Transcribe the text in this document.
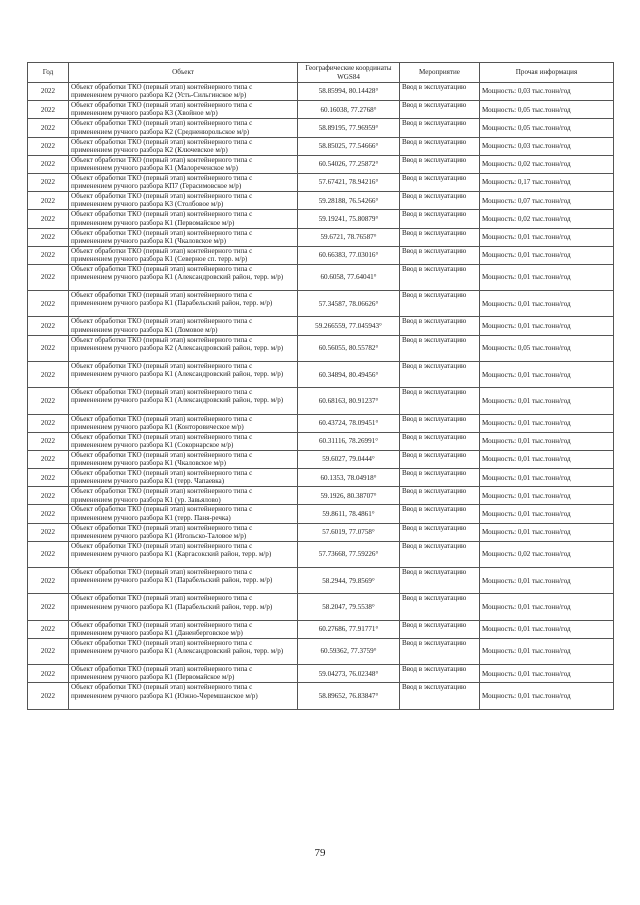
Год	Объект	Географические координаты WGS84	Мероприятие	Прочая информация
2022	Объект обработки ТКО (первый этап) контейнерного типа с применением ручного разбора К2 (Усть-Сильгинское м/р)	58.85994, 80.14428°	Ввод в эксплуатацию	Мощность: 0,03 тыс.тонн/год
2022	Объект обработки ТКО (первый этап) контейнерного типа с применением ручного разбора К3 (Хвойное м/р)	60.16038, 77.2768°	Ввод в эксплуатацию	Мощность: 0,05 тыс.тонн/год
2022	Объект обработки ТКО (первый этап) контейнерного типа с применением ручного разбора К2 (Средненюрольское м/р)	58.89195, 77.96959°	Ввод в эксплуатацию	Мощность: 0,05 тыс.тонн/год
2022	Объект обработки ТКО (первый этап) контейнерного типа с применением ручного разбора К2 (Ключевское м/р)	58.85025, 77.54666°	Ввод в эксплуатацию	Мощность: 0,03 тыс.тонн/год
2022	Объект обработки ТКО (первый этап) контейнерного типа с применением ручного разбора К1 (Малореченское м/р)	60.54026, 77.25872°	Ввод в эксплуатацию	Мощность: 0,02 тыс.тонн/год
2022	Объект обработки ТКО (первый этап) контейнерного типа с применением ручного разбора КП7 (Герасимовское м/р)	57.67421, 78.94216°	Ввод в эксплуатацию	Мощность: 0,17 тыс.тонн/год
2022	Объект обработки ТКО (первый этап) контейнерного типа с применением ручного разбора К3 (Столбовое м/р)	59.28188, 76.54266°	Ввод в эксплуатацию	Мощность: 0,07 тыс.тонн/год
2022	Объект обработки ТКО (первый этап) контейнерного типа с применением ручного разбора К1 (Первомайское м/р)	59.19241, 75.80879°	Ввод в эксплуатацию	Мощность: 0,02 тыс.тонн/год
2022	Объект обработки ТКО (первый этап) контейнерного типа с применением ручного разбора К1 (Чкаловское м/р)	59.6721, 78.76587°	Ввод в эксплуатацию	Мощность: 0,01 тыс.тонн/год
2022	Объект обработки ТКО (первый этап) контейнерного типа с применением ручного разбора К1 (Северное сп. терр. м/р)	60.66383, 77.03016°	Ввод в эксплуатацию	Мощность: 0,01 тыс.тонн/год
2022	Объект обработки ТКО (первый этап) контейнерного типа с применением ручного разбора К1 (Александровский район, терр. м/р)	60.6058, 77.64041°	Ввод в эксплуатацию	Мощность: 0,01 тыс.тонн/год
2022	Объект обработки ТКО (первый этап) контейнерного типа с применением ручного разбора К1 (Парабельский район, терр. м/р)	57.34587, 78.06626°	Ввод в эксплуатацию	Мощность: 0,01 тыс.тонн/год
2022	Объект обработки ТКО (первый этап) контейнерного типа с применением ручного разбора К1 (Ломовое м/р)	59.266559, 77.045943°	Ввод в эксплуатацию	Мощность: 0,01 тыс.тонн/год
2022	Объект обработки ТКО (первый этап) контейнерного типа с применением ручного разбора К2 (Александровский район, терр. м/р)	60.56055, 80.55782°	Ввод в эксплуатацию	Мощность: 0,05 тыс.тонн/год
2022	Объект обработки ТКО (первый этап) контейнерного типа с применением ручного разбора К1 (Александровский район, терр. м/р)	60.34894, 80.49456°	Ввод в эксплуатацию	Мощность: 0,01 тыс.тонн/год
2022	Объект обработки ТКО (первый этап) контейнерного типа с применением ручного разбора К1 (Александровский район, терр. м/р)	60.68163, 80.91237°	Ввод в эксплуатацию	Мощность: 0,01 тыс.тонн/год
2022	Объект обработки ТКО (первый этап) контейнерного типа с применением ручного разбора К1 (Конторовическое м/р)	60.43724, 78.09451°	Ввод в эксплуатацию	Мощность: 0,01 тыс.тонн/год
2022	Объект обработки ТКО (первый этап) контейнерного типа с применением ручного разбора К1 (Сокорнарское м/р)	60.31116, 78.26991°	Ввод в эксплуатацию	Мощность: 0,01 тыс.тонн/год
2022	Объект обработки ТКО (первый этап) контейнерного типа с применением ручного разбора К1 (Чкаловское м/р)	59.6027, 79.0444°	Ввод в эксплуатацию	Мощность: 0,01 тыс.тонн/год
2022	Объект обработки ТКО (первый этап) контейнерного типа с применением ручного разбора К1 (терр. Чапаевка)	60.1353, 78.04918°	Ввод в эксплуатацию	Мощность: 0,01 тыс.тонн/год
2022	Объект обработки ТКО (первый этап) контейнерного типа с применением ручного разбора К1 (ур. Завьялово)	59.1926, 80.38707°	Ввод в эксплуатацию	Мощность: 0,01 тыс.тонн/год
2022	Объект обработки ТКО (первый этап) контейнерного типа с применением ручного разбора К1 (терр. Паня-речка)	59.8611, 78.4861°	Ввод в эксплуатацию	Мощность: 0,01 тыс.тонн/год
2022	Объект обработки ТКО (первый этап) контейнерного типа с применением ручного разбора К1 (Игольско-Таловое м/р)	57.6019, 77.0758°	Ввод в эксплуатацию	Мощность: 0,01 тыс.тонн/год
2022	Объект обработки ТКО (первый этап) контейнерного типа с применением ручного разбора К1 (Каргасокский район, терр. м/р)	57.73668, 77.59226°	Ввод в эксплуатацию	Мощность: 0,02 тыс.тонн/год
2022	Объект обработки ТКО (первый этап) контейнерного типа с применением ручного разбора К1 (Парабельский район, терр. м/р)	58.2944, 79.8569°	Ввод в эксплуатацию	Мощность: 0,01 тыс.тонн/год
2022	Объект обработки ТКО (первый этап) контейнерного типа с применением ручного разбора К1 (Парабельский район, терр. м/р)	58.2047, 79.5538°	Ввод в эксплуатацию	Мощность: 0,01 тыс.тонн/год
2022	Объект обработки ТКО (первый этап) контейнерного типа с применением ручного разбора К1 (Даненберговское м/р)	60.27686, 77.91771°	Ввод в эксплуатацию	Мощность: 0,01 тыс.тонн/год
2022	Объект обработки ТКО (первый этап) контейнерного типа с применением ручного разбора К1 (Александровский район, терр. м/р)	60.59362, 77.3759°	Ввод в эксплуатацию	Мощность: 0,01 тыс.тонн/год
2022	Объект обработки ТКО (первый этап) контейнерного типа с применением ручного разбора К1 (Первомайское м/р)	59.04273, 76.02348°	Ввод в эксплуатацию	Мощность: 0,01 тыс.тонн/год
2022	Объект обработки ТКО (первый этап) контейнерного типа с применением ручного разбора К1 (Южно-Черемшанское м/р)	58.89652, 76.83847°	Ввод в эксплуатацию	Мощность: 0,01 тыс.тонн/год
79
